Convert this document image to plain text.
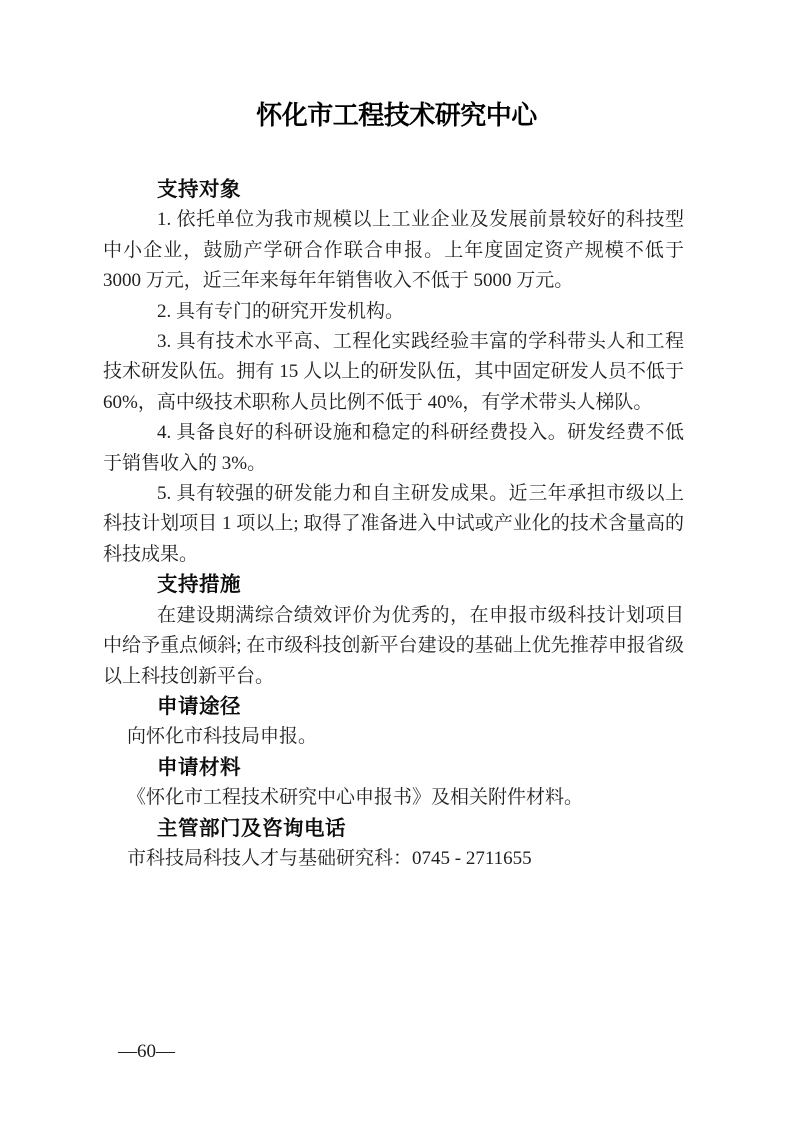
怀化市工程技术研究中心
支持对象

1. 依托单位为我市规模以上工业企业及发展前景较好的科技型中小企业，鼓励产学研合作联合申报。上年度固定资产规模不低于 3000 万元，近三年来每年年销售收入不低于 5000 万元。

2. 具有专门的研究开发机构。

3. 具有技术水平高、工程化实践经验丰富的学科带头人和工程技术研发队伍。拥有 15 人以上的研发队伍，其中固定研发人员不低于 60%，高中级技术职称人员比例不低于 40%，有学术带头人梯队。

4. 具备良好的科研设施和稳定的科研经费投入。研发经费不低于销售收入的 3%。

5. 具有较强的研发能力和自主研发成果。近三年承担市级以上科技计划项目 1 项以上; 取得了准备进入中试或产业化的技术含量高的科技成果。

支持措施

在建设期满综合绩效评价为优秀的，在申报市级科技计划项目中给予重点倾斜; 在市级科技创新平台建设的基础上优先推荐申报省级以上科技创新平台。

申请途径

向怀化市科技局申报。

申请材料

《怀化市工程技术研究中心申报书》及相关附件材料。

主管部门及咨询电话

市科技局科技人才与基础研究科：0745 - 2711655

—60—
